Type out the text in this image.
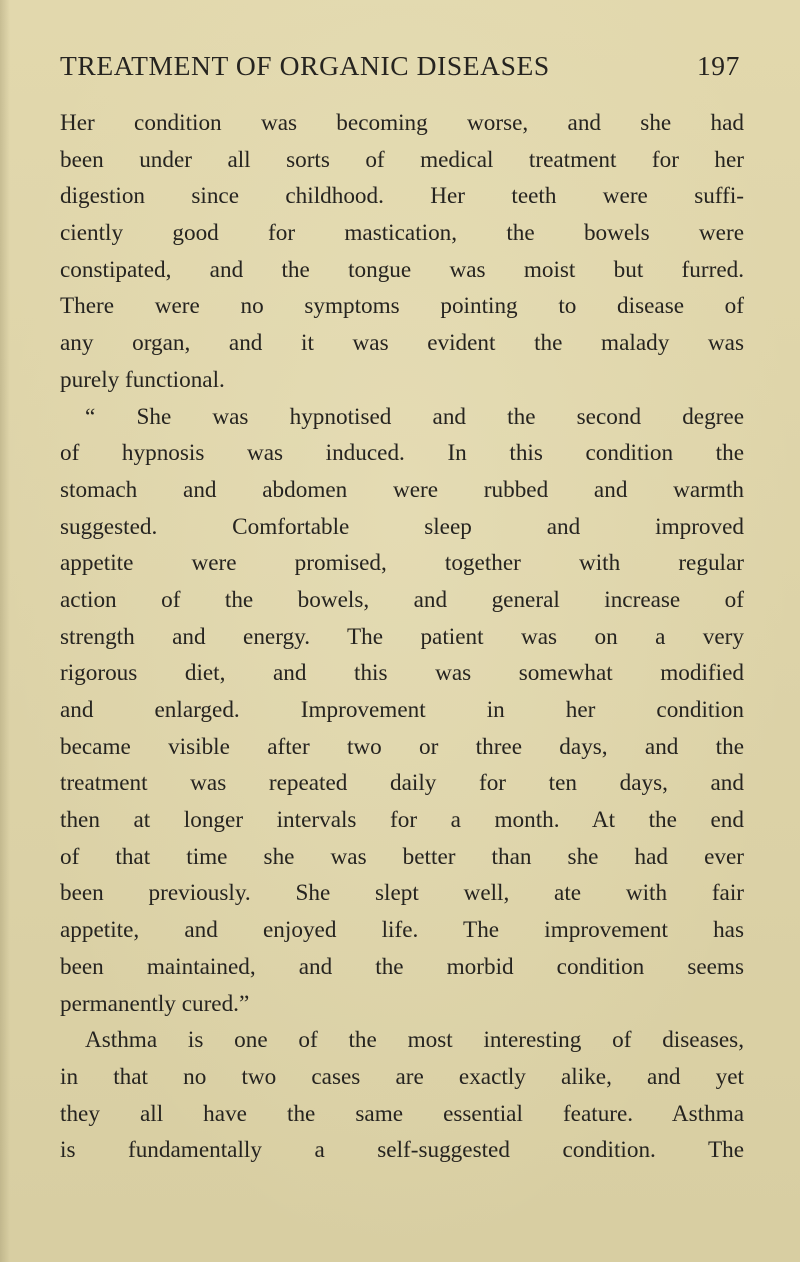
TREATMENT OF ORGANIC DISEASES	197
Her condition was becoming worse, and she had
been under all sorts of medical treatment for her
digestion since childhood. Her teeth were suffi-
ciently good for mastication, the bowels were
constipated, and the tongue was moist but furred.
There were no symptoms pointing to disease of
any organ, and it was evident the malady was
purely functional.
“ She was hypnotised and the second degree
of hypnosis was induced. In this condition the
stomach and abdomen were rubbed and warmth
suggested. Comfortable sleep and improved
appetite were promised, together with regular
action of the bowels, and general increase of
strength and energy. The patient was on a very
rigorous diet, and this was somewhat modified
and enlarged. Improvement in her condition
became visible after two or three days, and the
treatment was repeated daily for ten days, and
then at longer intervals for a month. At the end
of that time she was better than she had ever
been previously. She slept well, ate with fair
appetite, and enjoyed life. The improvement has
been maintained, and the morbid condition seems
permanently cured.”
Asthma is one of the most interesting of diseases,
in that no two cases are exactly alike, and yet
they all have the same essential feature. Asthma
is fundamentally a self-suggested condition. The
